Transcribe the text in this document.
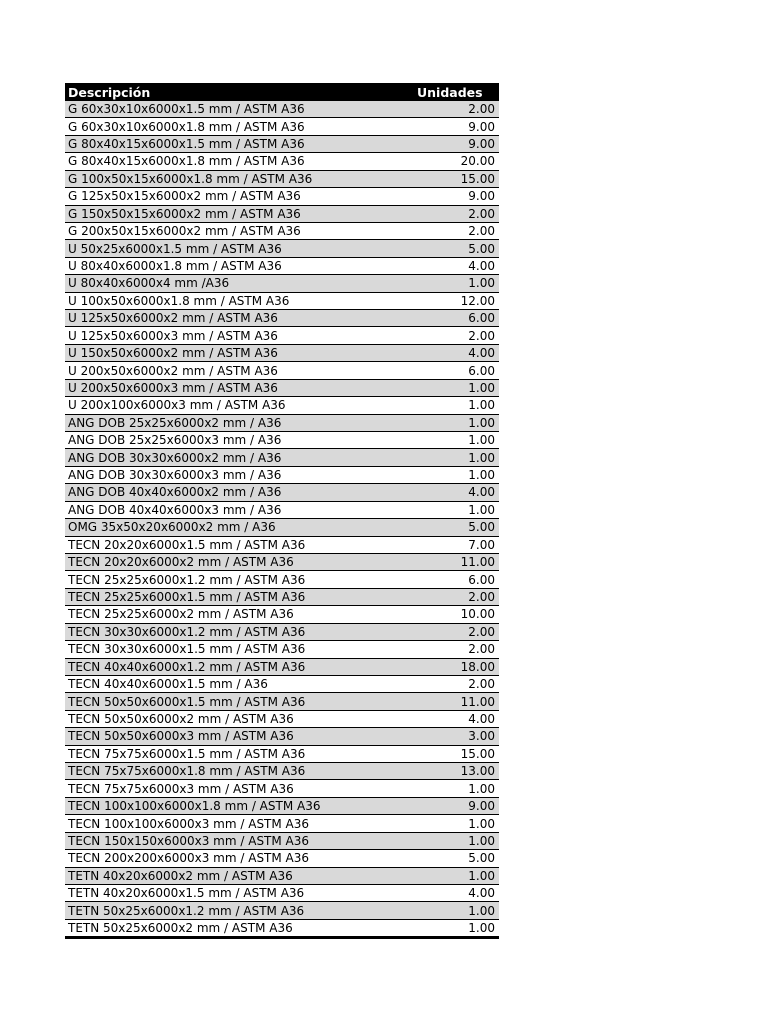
Descripción	Unidades
G 60x30x10x6000x1.5 mm / ASTM A36	2.00
G 60x30x10x6000x1.8 mm / ASTM A36	9.00
G 80x40x15x6000x1.5 mm / ASTM A36	9.00
G 80x40x15x6000x1.8 mm / ASTM A36	20.00
G 100x50x15x6000x1.8 mm / ASTM A36	15.00
G 125x50x15x6000x2 mm / ASTM A36	9.00
G 150x50x15x6000x2 mm / ASTM A36	2.00
G 200x50x15x6000x2 mm / ASTM A36	2.00
U 50x25x6000x1.5 mm / ASTM A36	5.00
U 80x40x6000x1.8 mm / ASTM A36	4.00
U 80x40x6000x4 mm /A36	1.00
U 100x50x6000x1.8 mm / ASTM A36	12.00
U 125x50x6000x2 mm / ASTM A36	6.00
U 125x50x6000x3 mm / ASTM A36	2.00
U 150x50x6000x2 mm / ASTM A36	4.00
U 200x50x6000x2 mm / ASTM A36	6.00
U 200x50x6000x3 mm / ASTM A36	1.00
U 200x100x6000x3 mm / ASTM A36	1.00
ANG DOB 25x25x6000x2 mm / A36	1.00
ANG DOB 25x25x6000x3 mm / A36	1.00
ANG DOB 30x30x6000x2 mm / A36	1.00
ANG DOB 30x30x6000x3 mm / A36	1.00
ANG DOB 40x40x6000x2 mm / A36	4.00
ANG DOB 40x40x6000x3 mm / A36	1.00
OMG 35x50x20x6000x2 mm / A36	5.00
TECN 20x20x6000x1.5 mm / ASTM A36	7.00
TECN 20x20x6000x2 mm / ASTM A36	11.00
TECN 25x25x6000x1.2 mm / ASTM A36	6.00
TECN 25x25x6000x1.5 mm / ASTM A36	2.00
TECN 25x25x6000x2 mm / ASTM A36	10.00
TECN 30x30x6000x1.2 mm / ASTM A36	2.00
TECN 30x30x6000x1.5 mm / ASTM A36	2.00
TECN 40x40x6000x1.2 mm / ASTM A36	18.00
TECN 40x40x6000x1.5 mm / A36	2.00
TECN 50x50x6000x1.5 mm / ASTM A36	11.00
TECN 50x50x6000x2 mm / ASTM A36	4.00
TECN 50x50x6000x3 mm / ASTM A36	3.00
TECN 75x75x6000x1.5 mm / ASTM A36	15.00
TECN 75x75x6000x1.8 mm / ASTM A36	13.00
TECN 75x75x6000x3 mm / ASTM A36	1.00
TECN 100x100x6000x1.8 mm / ASTM A36	9.00
TECN 100x100x6000x3 mm / ASTM A36	1.00
TECN 150x150x6000x3 mm / ASTM A36	1.00
TECN 200x200x6000x3 mm / ASTM A36	5.00
TETN 40x20x6000x2 mm / ASTM A36	1.00
TETN 40x20x6000x1.5 mm / ASTM A36	4.00
TETN 50x25x6000x1.2 mm / ASTM A36	1.00
TETN 50x25x6000x2 mm / ASTM A36	1.00
